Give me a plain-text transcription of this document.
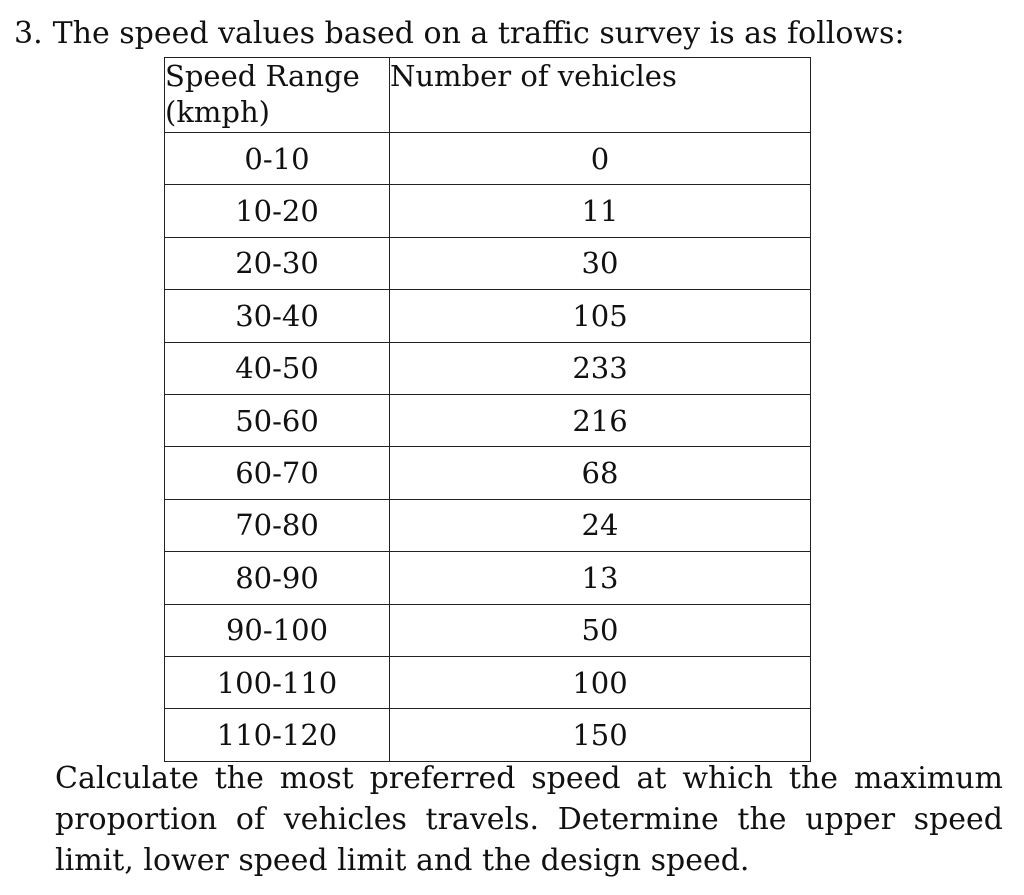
3. The speed values based on a traffic survey is as follows:
Speed Range
(kmph)	Number of vehicles
0-10	0
10-20	11
20-30	30
30-40	105
40-50	233
50-60	216
60-70	68
70-80	24
80-90	13
90-100	50
100-110	100
110-120	150
Calculate the most preferred speed at which the maximum proportion of vehicles travels. Determine the upper speed limit, lower speed limit and the design speed.
